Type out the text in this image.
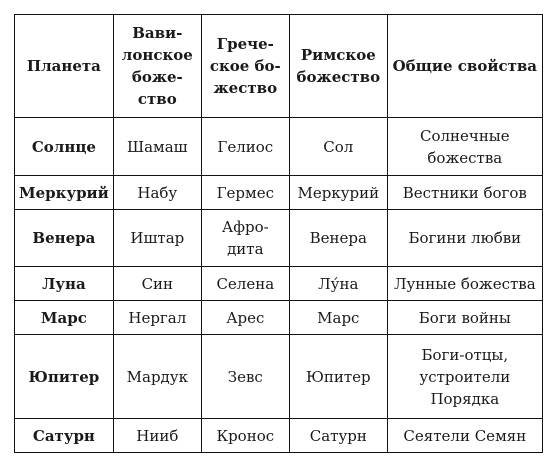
Планета	Вави-лонское боже-ство	Грече-ское бо-жество	Римское божество	Общие свойства
Солнце	Шамаш	Гелиос	Сол	Солнечные божества
Меркурий	Набу	Гермес	Меркурий	Вестники богов
Венера	Иштар	Афро-дита	Венера	Богини любви
Луна	Син	Селена	Лу́на	Лунные божества
Марс	Нергал	Арес	Марс	Боги войны
Юпитер	Мардук	Зевс	Юпитер	Боги-отцы, устроители Порядка
Сатурн	Нииб	Кронос	Сатурн	Сеятели Семян
